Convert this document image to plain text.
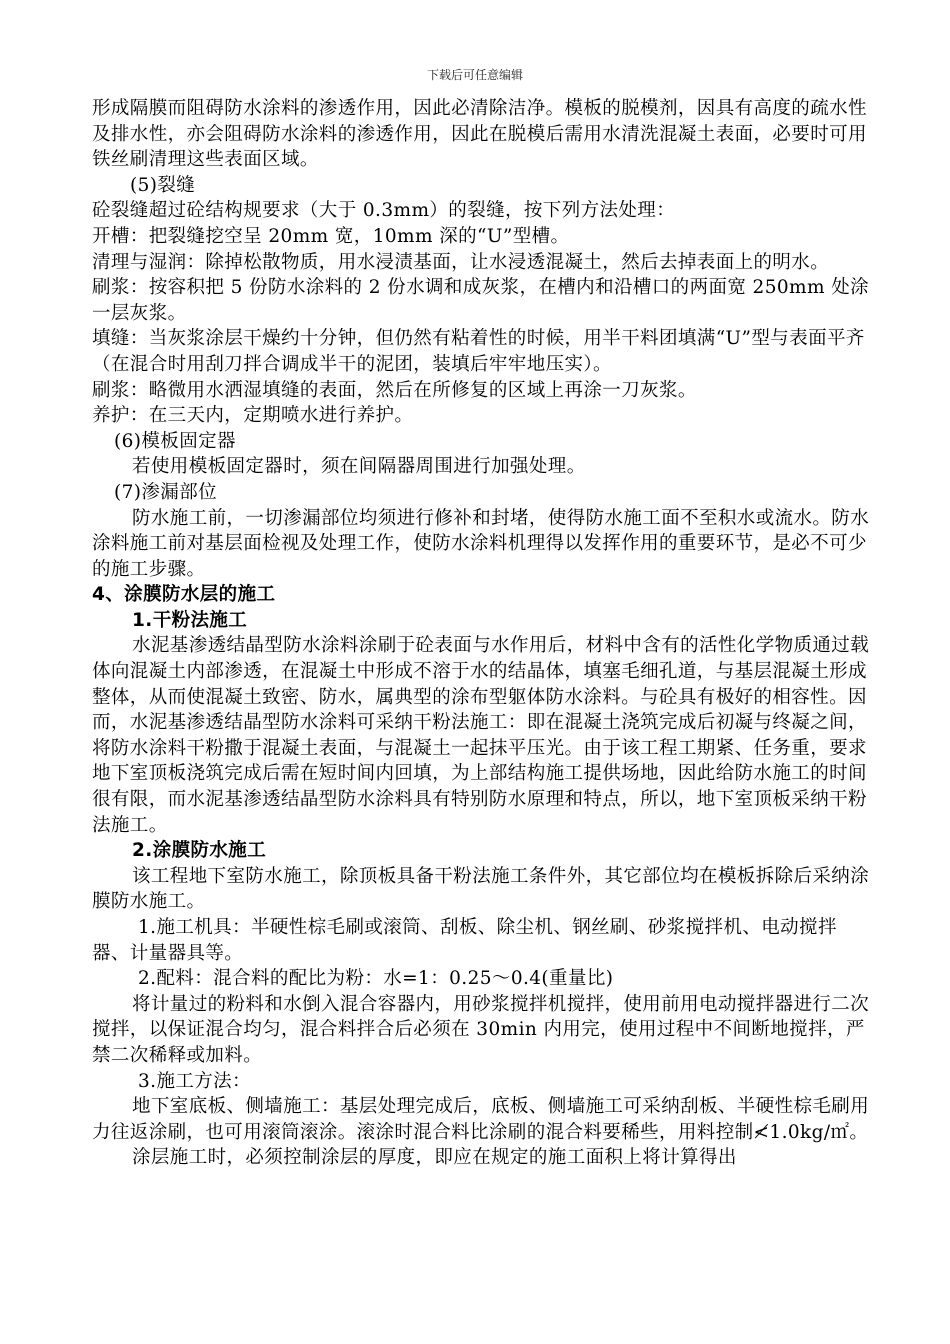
下载后可任意编辑

形成隔膜而阻碍防水涂料的渗透作用，因此必清除洁净。模板的脱模剂，因具有高度的疏水性及排水性，亦会阻碍防水涂料的渗透作用，因此在脱模后需用水清洗混凝土表面，必要时可用铁丝刷清理这些表面区域。

(5)裂缝

砼裂缝超过砼结构规要求（大于 0.3mm）的裂缝，按下列方法处理：

开槽：把裂缝挖空呈 20mm 宽，10mm 深的“U”型槽。

清理与湿润：除掉松散物质，用水浸渍基面，让水浸透混凝土，然后去掉表面上的明水。

刷浆：按容积把 5 份防水涂料的 2 份水调和成灰浆，在槽内和沿槽口的两面宽 250mm 处涂一层灰浆。

填缝：当灰浆涂层干燥约十分钟，但仍然有粘着性的时候，用半干料团填满“U”型与表面平齐（在混合时用刮刀拌合调成半干的泥团，装填后牢牢地压实）。

刷浆：略微用水洒湿填缝的表面，然后在所修复的区域上再涂一刀灰浆。

养护：在三天内，定期喷水进行养护。

(6)模板固定器

若使用模板固定器时，须在间隔器周围进行加强处理。

(7)渗漏部位

防水施工前，一切渗漏部位均须进行修补和封堵，使得防水施工面不至积水或流水。防水涂料施工前对基层面检视及处理工作，使防水涂料机理得以发挥作用的重要环节，是必不可少的施工步骤。

4、涂膜防水层的施工

1.干粉法施工

水泥基渗透结晶型防水涂料涂刷于砼表面与水作用后，材料中含有的活性化学物质通过载体向混凝土内部渗透，在混凝土中形成不溶于水的结晶体，填塞毛细孔道，与基层混凝土形成整体，从而使混凝土致密、防水，属典型的涂布型躯体防水涂料。与砼具有极好的相容性。因而，水泥基渗透结晶型防水涂料可采纳干粉法施工：即在混凝土浇筑完成后初凝与终凝之间，将防水涂料干粉撒于混凝土表面，与混凝土一起抹平压光。由于该工程工期紧、任务重，要求地下室顶板浇筑完成后需在短时间内回填，为上部结构施工提供场地，因此给防水施工的时间很有限，而水泥基渗透结晶型防水涂料具有特别防水原理和特点，所以，地下室顶板采纳干粉法施工。

2.涂膜防水施工

该工程地下室防水施工，除顶板具备干粉法施工条件外，其它部位均在模板拆除后采纳涂膜防水施工。

1.施工机具：半硬性棕毛刷或滚筒、刮板、除尘机、钢丝刷、砂浆搅拌机、电动搅拌器、计量器具等。

2.配料：混合料的配比为粉：水=1：0.25～0.4(重量比)

将计量过的粉料和水倒入混合容器内，用砂浆搅拌机搅拌，使用前用电动搅拌器进行二次搅拌，以保证混合均匀，混合料拌合后必须在 30min 内用完，使用过程中不间断地搅拌，严禁二次稀释或加料。

3.施工方法：

地下室底板、侧墙施工：基层处理完成后，底板、侧墙施工可采纳刮板、半硬性棕毛刷用力往返涂刷，也可用滚筒滚涂。滚涂时混合料比涂刷的混合料要稀些，用料控制≮1.0kg/㎡。

涂层施工时，必须控制涂层的厚度，即应在规定的施工面积上将计算得出
